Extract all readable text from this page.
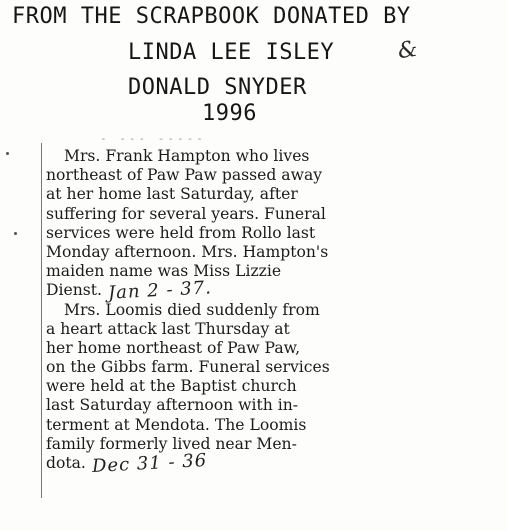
FROM THE SCRAPBOOK DONATED BY
LINDA LEE ISLEY	&
DONALD SNYDER
1996
- --- -----
Mrs. Frank Hampton who lives
northeast of Paw Paw passed away
at her home last Saturday, after
suffering for several years. Funeral
services were held from Rollo last
Monday afternoon. Mrs. Hampton's
maiden name was Miss Lizzie
Dienst. Jan 2 - 37.
Mrs. Loomis died suddenly from
a heart attack last Thursday at
her home northeast of Paw Paw,
on the Gibbs farm. Funeral services
were held at the Baptist church
last Saturday afternoon with in-
terment at Mendota. The Loomis
family formerly lived near Men-
dota. Dec 31 - 36
